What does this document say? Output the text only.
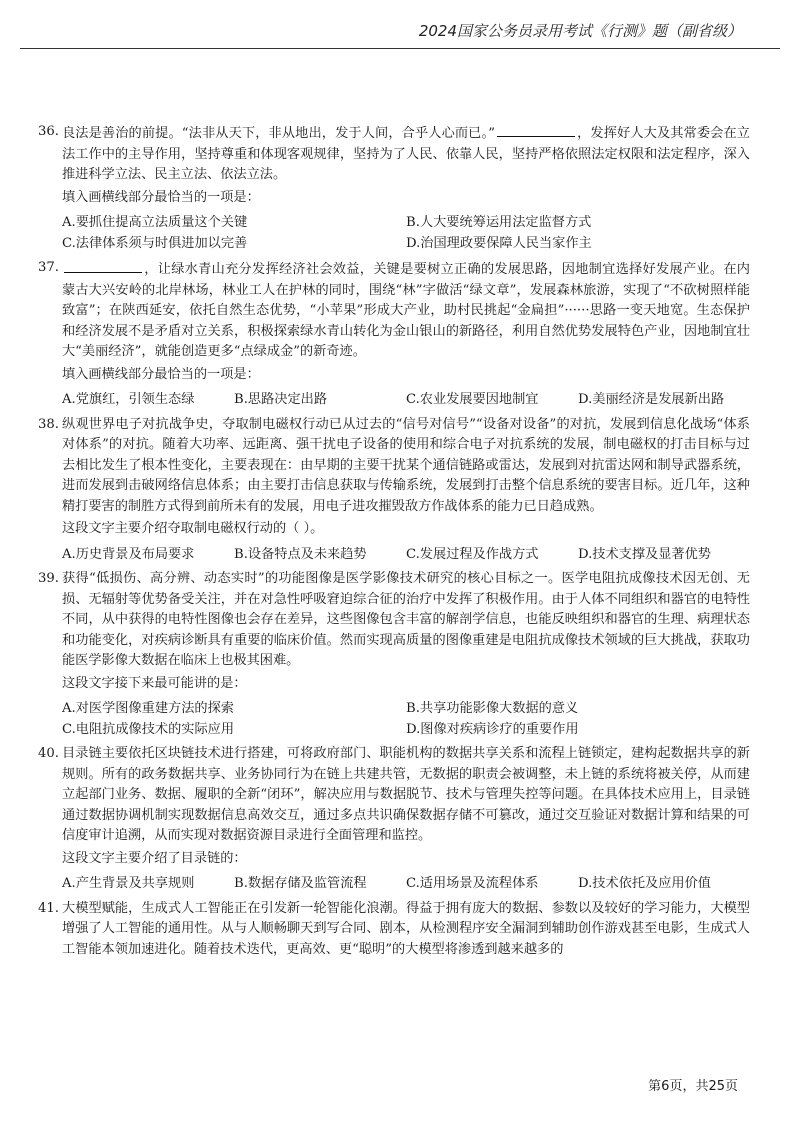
2024国家公务员录用考试《行测》题（副省级）
36. 良法是善治的前提。“法非从天下，非从地出，发于人间，合乎人心而已。”	，发挥好人大及其常委会在立法工作中的主导作用，坚持尊重和体现客观规律，坚持为了人民、依靠人民，坚持严格依照法定权限和法定程序，深入推进科学立法、民主立法、依法立法。
填入画横线部分最恰当的一项是：
A.要抓住提高立法质量这个关键	B.人大要统筹运用法定监督方式
C.法律体系须与时俱进加以完善	D.治国理政要保障人民当家作主
37.	，让绿水青山充分发挥经济社会效益，关键是要树立正确的发展思路，因地制宜选择好发展产业。在内蒙古大兴安岭的北岸林场，林业工人在护林的同时，围绕“林”字做活“绿文章”，发展森林旅游，实现了“不砍树照样能致富”；在陕西延安，依托自然生态优势，“小苹果”形成大产业，助村民挑起“金扁担”······思路一变天地宽。生态保护和经济发展不是矛盾对立关系，积极探索绿水青山转化为金山银山的新路径，利用自然优势发展特色产业，因地制宜壮大“美丽经济”，就能创造更多“点绿成金”的新奇迹。
填入画横线部分最恰当的一项是：
A.党旗红，引领生态绿	B.思路决定出路	C.农业发展要因地制宜	D.美丽经济是发展新出路
38. 纵观世界电子对抗战争史，夺取制电磁权行动已从过去的“信号对信号”“设备对设备”的对抗，发展到信息化战场“体系对体系”的对抗。随着大功率、远距离、强干扰电子设备的使用和综合电子对抗系统的发展，制电磁权的打击目标与过去相比发生了根本性变化，主要表现在：由早期的主要干扰某个通信链路或雷达，发展到对抗雷达网和制导武器系统，进而发展到击破网络信息体系；由主要打击信息获取与传输系统，发展到打击整个信息系统的要害目标。近几年，这种精打要害的制胜方式得到前所未有的发展，用电子进攻摧毁敌方作战体系的能力已日趋成熟。
这段文字主要介绍夺取制电磁权行动的（ ）。
A.历史背景及布局要求	B.设备特点及未来趋势	C.发展过程及作战方式	D.技术支撑及显著优势
39. 获得“低损伤、高分辨、动态实时”的功能图像是医学影像技术研究的核心目标之一。医学电阻抗成像技术因无创、无损、无辐射等优势备受关注，并在对急性呼吸窘迫综合征的治疗中发挥了积极作用。由于人体不同组织和器官的电特性不同，从中获得的电特性图像也会存在差异，这些图像包含丰富的解剖学信息，也能反映组织和器官的生理、病理状态和功能变化，对疾病诊断具有重要的临床价值。然而实现高质量的图像重建是电阻抗成像技术领域的巨大挑战，获取功能医学影像大数据在临床上也极其困难。
这段文字接下来最可能讲的是：
A.对医学图像重建方法的探索	B.共享功能影像大数据的意义
C.电阻抗成像技术的实际应用	D.图像对疾病诊疗的重要作用
40. 目录链主要依托区块链技术进行搭建，可将政府部门、职能机构的数据共享关系和流程上链锁定，建构起数据共享的新规则。所有的政务数据共享、业务协同行为在链上共建共管，无数据的职责会被调整，未上链的系统将被关停，从而建立起部门业务、数据、履职的全新“闭环”，解决应用与数据脱节、技术与管理失控等问题。在具体技术应用上，目录链通过数据协调机制实现数据信息高效交互，通过多点共识确保数据存储不可篡改，通过交互验证对数据计算和结果的可信度审计追溯，从而实现对数据资源目录进行全面管理和监控。
这段文字主要介绍了目录链的：
A.产生背景及共享规则	B.数据存储及监管流程	C.适用场景及流程体系	D.技术依托及应用价值
41. 大模型赋能，生成式人工智能正在引发新一轮智能化浪潮。得益于拥有庞大的数据、参数以及较好的学习能力，大模型增强了人工智能的通用性。从与人顺畅聊天到写合同、剧本，从检测程序安全漏洞到辅助创作游戏甚至电影，生成式人工智能本领加速进化。随着技术迭代，更高效、更“聪明”的大模型将渗透到越来越多的
第6页，共25页
